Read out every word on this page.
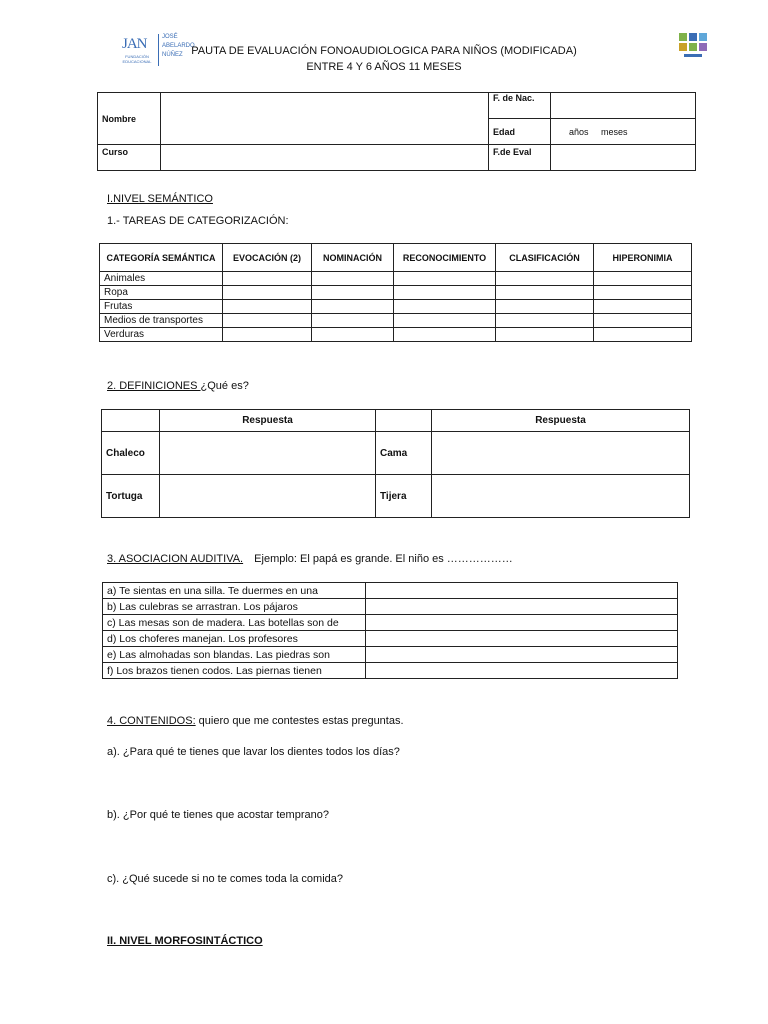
JAN
FUNDACIÓN EDUCACIONAL
JOSÉ
ABELARDO
NÚÑEZ PAUTA DE EVALUACIÓN FONOAUDIOLOGICA PARA NIÑOS (MODIFICADA)
ENTRE 4 Y 6 AÑOS 11 MESES
Nombre		F. de Nac.	
		Edad	años meses
Curso		F.de Eval	
I.NIVEL SEMÁNTICO
1.- TAREAS DE CATEGORIZACIÓN:
CATEGORÍA SEMÁNTICA	EVOCACIÓN (2)	NOMINACIÓN	RECONOCIMIENTO	CLASIFICACIÓN	HIPERONIMIA
Animales					
Ropa					
Frutas					
Medios de transportes					
Verduras					
2. DEFINICIONES ¿Qué es?
	Respuesta		Respuesta
Chaleco		Cama	
Tortuga		Tijera	
3. ASOCIACION AUDITIVA. Ejemplo: El papá es grande. El niño es ………………
a) Te sientas en una silla. Te duermes en una	
b) Las culebras se arrastran. Los pájaros	
c) Las mesas son de madera. Las botellas son de	
d) Los choferes manejan. Los profesores	
e) Las almohadas son blandas. Las piedras son	
f) Los brazos tienen codos. Las piernas tienen	
4. CONTENIDOS: quiero que me contestes estas preguntas.
a). ¿Para qué te tienes que lavar los dientes todos los días?
b). ¿Por qué te tienes que acostar temprano?
c). ¿Qué sucede si no te comes toda la comida?
II. NIVEL MORFOSINTÁCTICO
